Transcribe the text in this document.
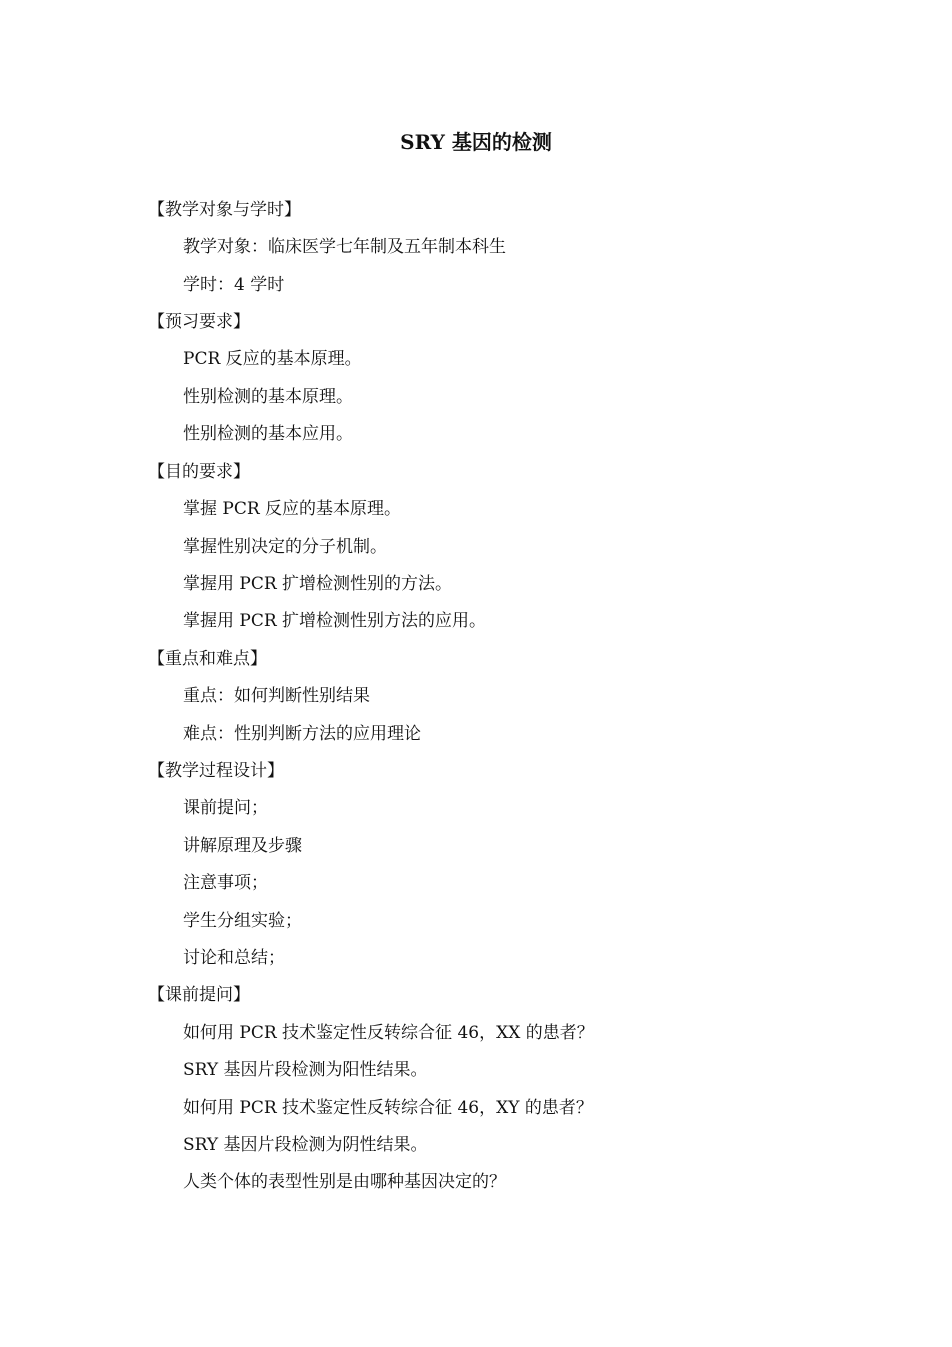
SRY 基因的检测
【教学对象与学时】
教学对象：临床医学七年制及五年制本科生
学时：4 学时
【预习要求】
PCR 反应的基本原理。
性别检测的基本原理。
性别检测的基本应用。
【目的要求】
掌握 PCR 反应的基本原理。
掌握性别决定的分子机制。
掌握用 PCR 扩增检测性别的方法。
掌握用 PCR 扩增检测性别方法的应用。
【重点和难点】
重点：如何判断性别结果
难点：性别判断方法的应用理论
【教学过程设计】
课前提问；
讲解原理及步骤
注意事项；
学生分组实验；
讨论和总结；
【课前提问】
如何用 PCR 技术鉴定性反转综合征 46，XX 的患者？
SRY 基因片段检测为阳性结果。
如何用 PCR 技术鉴定性反转综合征 46，XY 的患者？
SRY 基因片段检测为阴性结果。
人类个体的表型性别是由哪种基因决定的？
